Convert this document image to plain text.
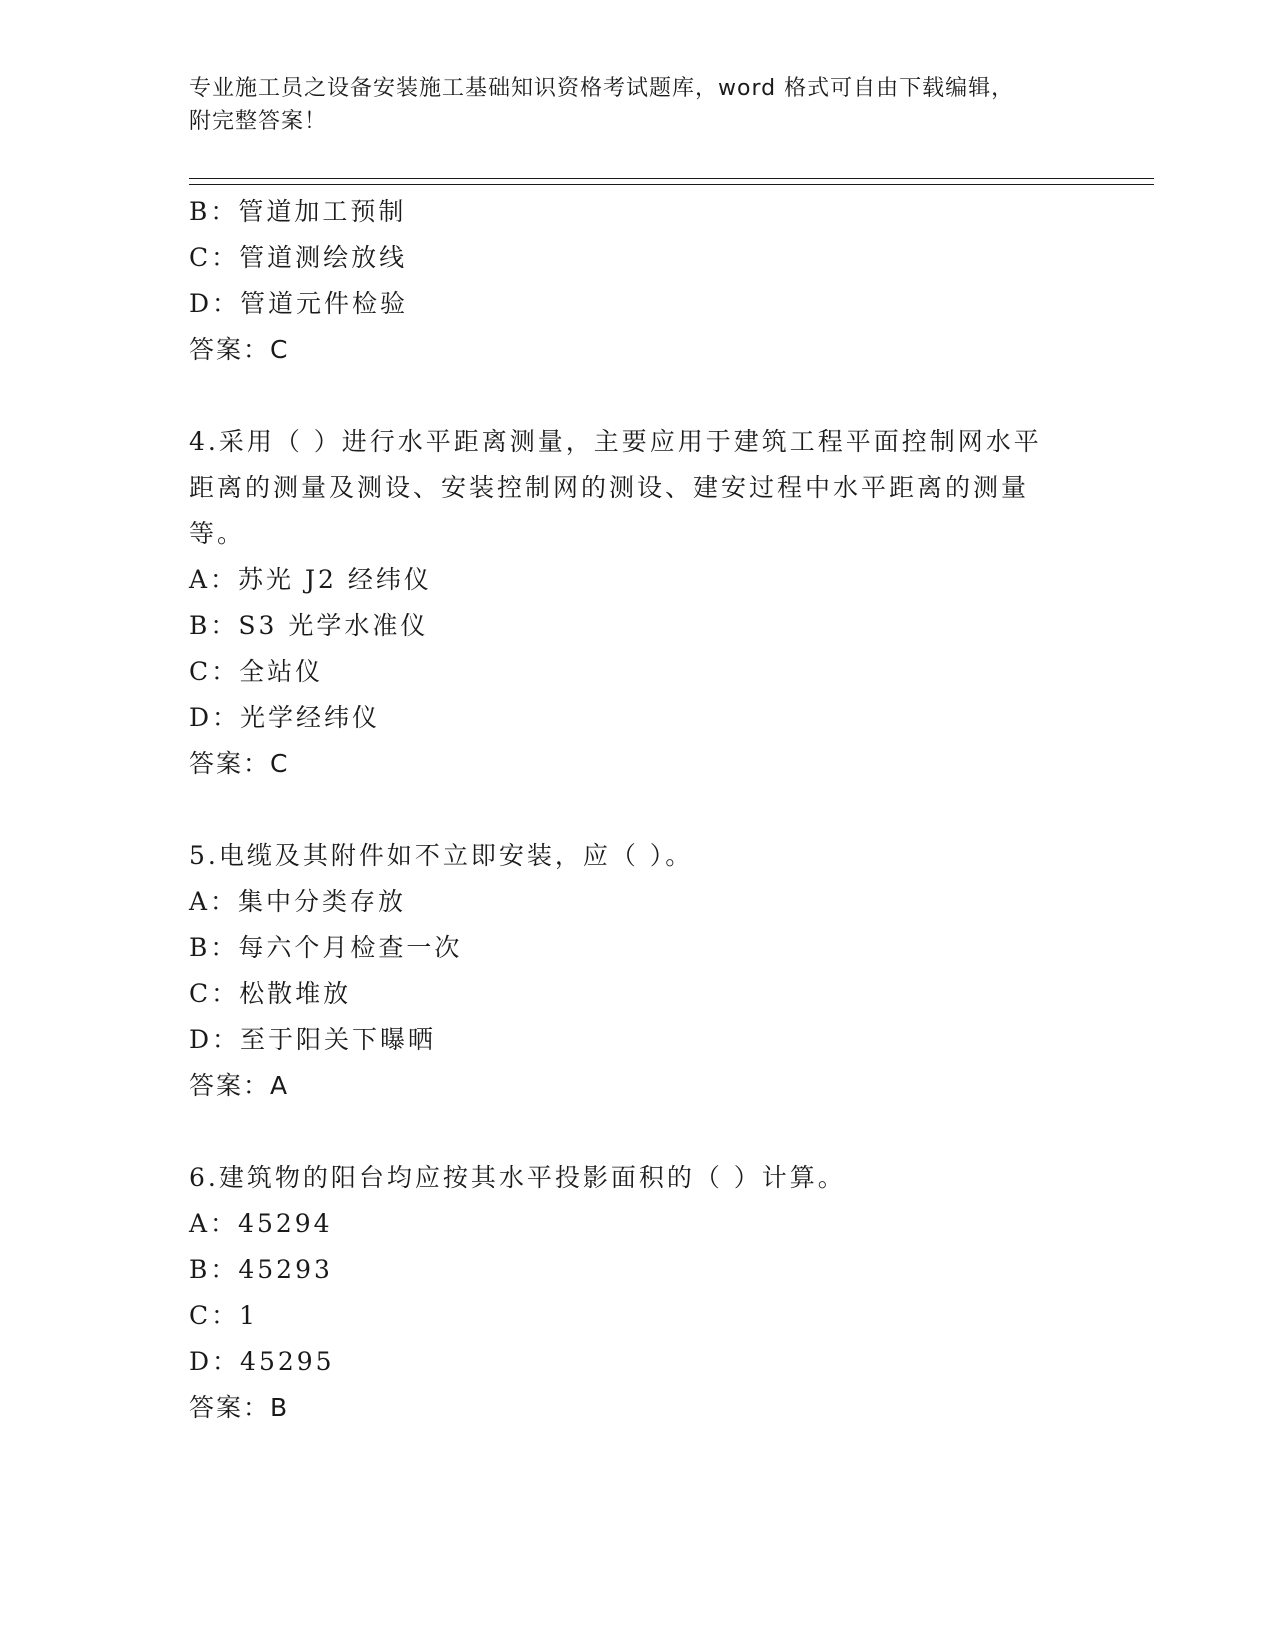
专业施工员之设备安装施工基础知识资格考试题库，word 格式可自由下载编辑，
附完整答案！
B：管道加工预制
C：管道测绘放线
D：管道元件检验
答案：C
4.采用（ ）进行水平距离测量，主要应用于建筑工程平面控制网水平
距离的测量及测设、安装控制网的测设、建安过程中水平距离的测量
等。
A：苏光 J2 经纬仪
B：S3 光学水准仪
C：全站仪
D：光学经纬仪
答案：C
5.电缆及其附件如不立即安装，应（ ）。
A：集中分类存放
B：每六个月检查一次
C：松散堆放
D：至于阳关下曝晒
答案：A
6.建筑物的阳台均应按其水平投影面积的（ ）计算。
A：45294
B：45293
C：1
D：45295
答案：B
